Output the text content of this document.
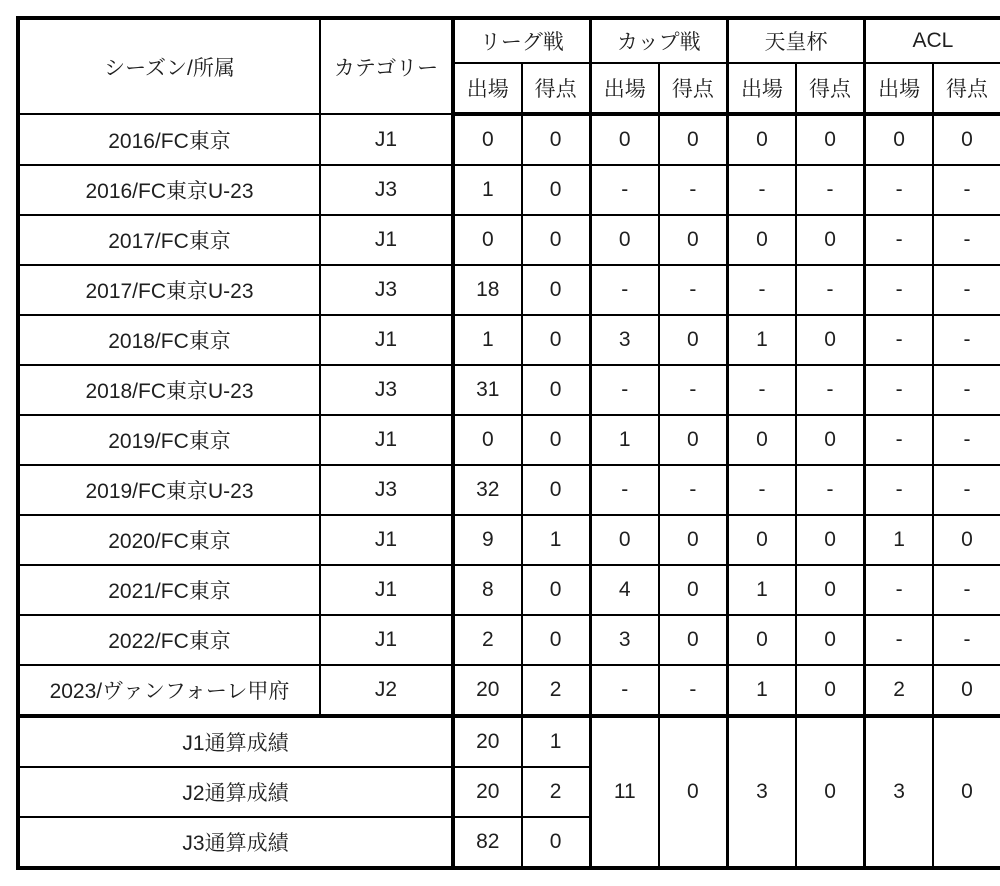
シーズン/所属	カテゴリー	リーグ戦		カップ戦		天皇杯		ACL	
		出場	得点	出場	得点	出場	得点	出場	得点
2016/FC東京	J1	0	0	0	0	0	0	0	0
2016/FC東京U-23	J3	1	0	-	-	-	-	-	-
2017/FC東京	J1	0	0	0	0	0	0	-	-
2017/FC東京U-23	J3	18	0	-	-	-	-	-	-
2018/FC東京	J1	1	0	3	0	1	0	-	-
2018/FC東京U-23	J3	31	0	-	-	-	-	-	-
2019/FC東京	J1	0	0	1	0	0	0	-	-
2019/FC東京U-23	J3	32	0	-	-	-	-	-	-
2020/FC東京	J1	9	1	0	0	0	0	1	0
2021/FC東京	J1	8	0	4	0	1	0	-	-
2022/FC東京	J1	2	0	3	0	0	0	-	-
2023/ヴァンフォーレ甲府	J2	20	2	-	-	1	0	2	0
J1通算成績		20	1	11	0	3	0	3	0
J2通算成績		20	2						
J3通算成績		82	0						
